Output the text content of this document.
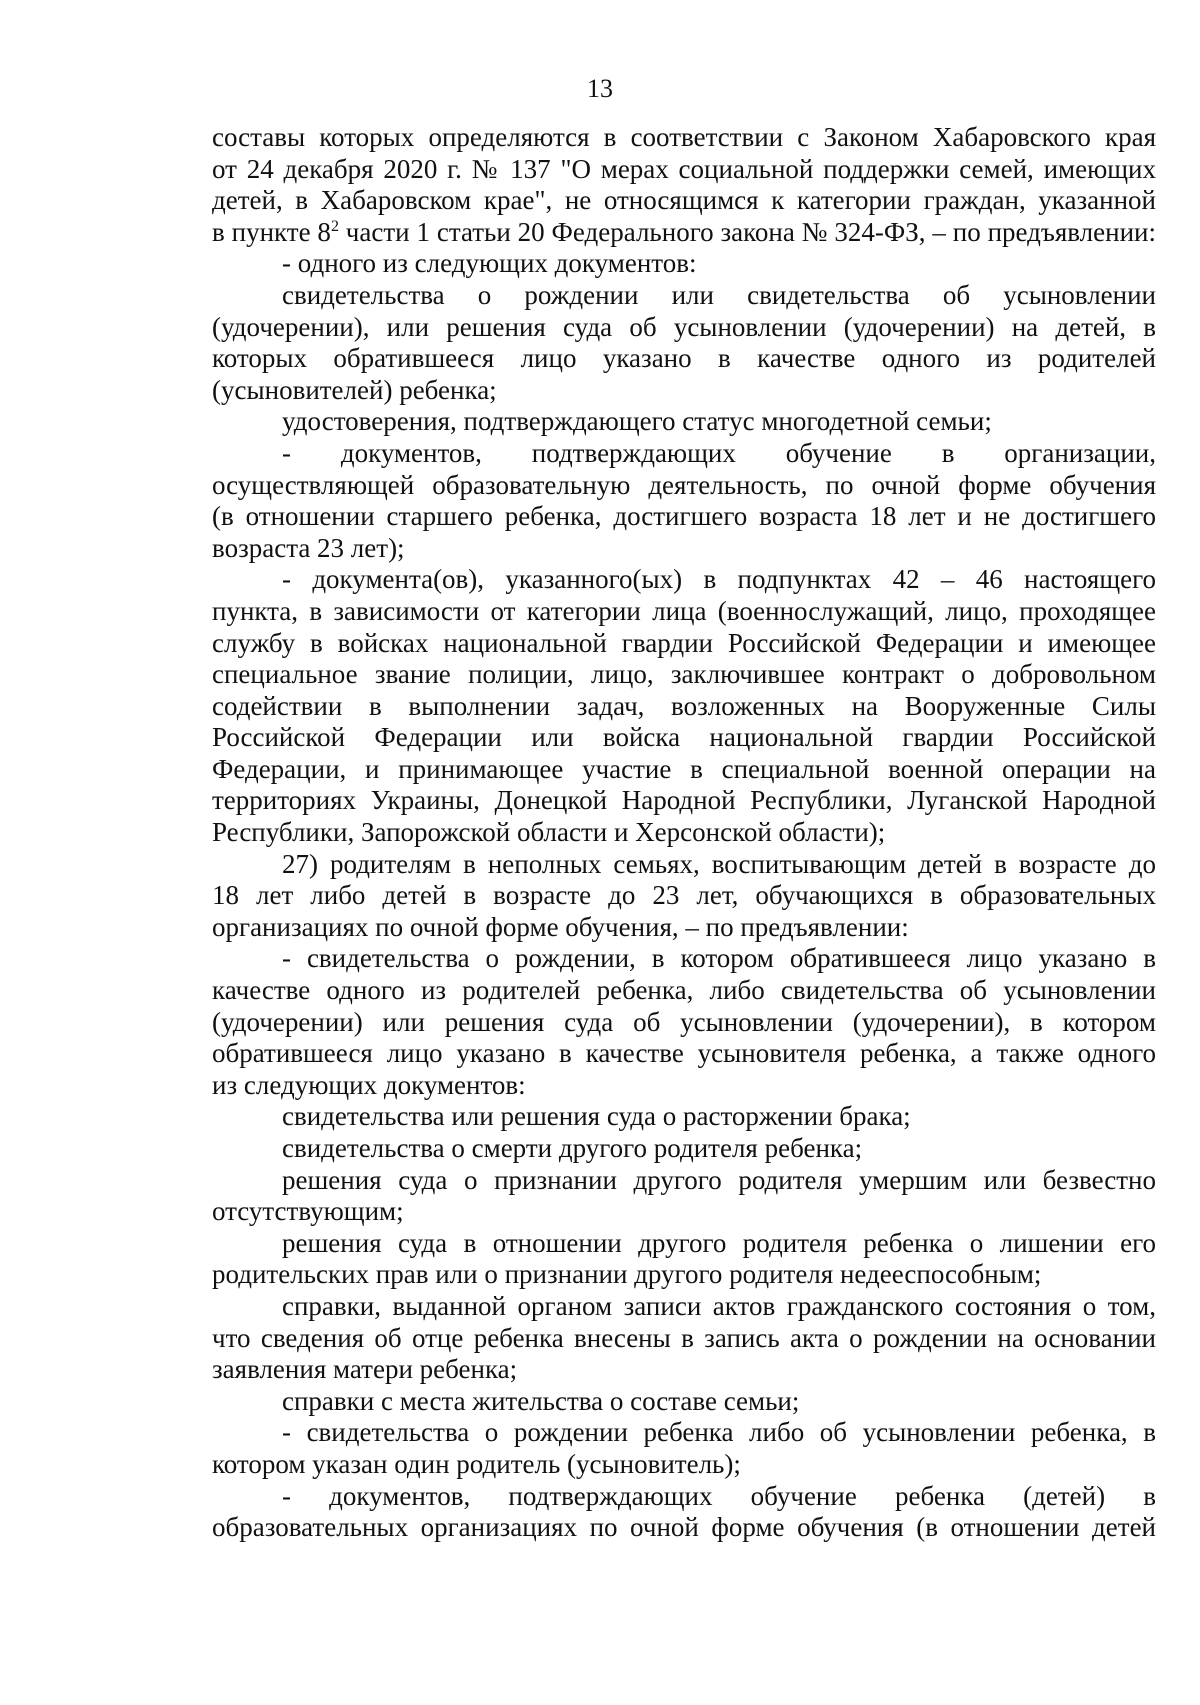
13
составы которых определяются в соответствии с Законом Хабаровского края
от 24 декабря 2020 г. № 137 "О мерах социальной поддержки семей, имеющих
детей, в Хабаровском крае", не относящимся к категории граждан, указанной
в пункте $8^2$ части 1 статьи 20 Федерального закона № 324-ФЗ, – по предъявлении:
- одного из следующих документов:
свидетельства о рождении или свидетельства об усыновлении
(удочерении), или решения суда об усыновлении (удочерении) на детей, в
которых обратившееся лицо указано в качестве одного из родителей
(усыновителей) ребенка;
удостоверения, подтверждающего статус многодетной семьи;
- документов, подтверждающих обучение в организации,
осуществляющей образовательную деятельность, по очной форме обучения
(в отношении старшего ребенка, достигшего возраста 18 лет и не достигшего
возраста 23 лет);
- документа(ов), указанного(ых) в подпунктах 42 – 46 настоящего
пункта, в зависимости от категории лица (военнослужащий, лицо, проходящее
службу в войсках национальной гвардии Российской Федерации и имеющее
специальное звание полиции, лицо, заключившее контракт о добровольном
содействии в выполнении задач, возложенных на Вооруженные Силы
Российской Федерации или войска национальной гвардии Российской
Федерации, и принимающее участие в специальной военной операции на
территориях Украины, Донецкой Народной Республики, Луганской Народной
Республики, Запорожской области и Херсонской области);
27) родителям в неполных семьях, воспитывающим детей в возрасте до
18 лет либо детей в возрасте до 23 лет, обучающихся в образовательных
организациях по очной форме обучения, – по предъявлении:
- свидетельства о рождении, в котором обратившееся лицо указано в
качестве одного из родителей ребенка, либо свидетельства об усыновлении
(удочерении) или решения суда об усыновлении (удочерении), в котором
обратившееся лицо указано в качестве усыновителя ребенка, а также одного
из следующих документов:
свидетельства или решения суда о расторжении брака;
свидетельства о смерти другого родителя ребенка;
решения суда о признании другого родителя умершим или безвестно
отсутствующим;
решения суда в отношении другого родителя ребенка о лишении его
родительских прав или о признании другого родителя недееспособным;
справки, выданной органом записи актов гражданского состояния о том,
что сведения об отце ребенка внесены в запись акта о рождении на основании
заявления матери ребенка;
справки с места жительства о составе семьи;
- свидетельства о рождении ребенка либо об усыновлении ребенка, в
котором указан один родитель (усыновитель);
- документов, подтверждающих обучение ребенка (детей) в
образовательных организациях по очной форме обучения (в отношении детей
